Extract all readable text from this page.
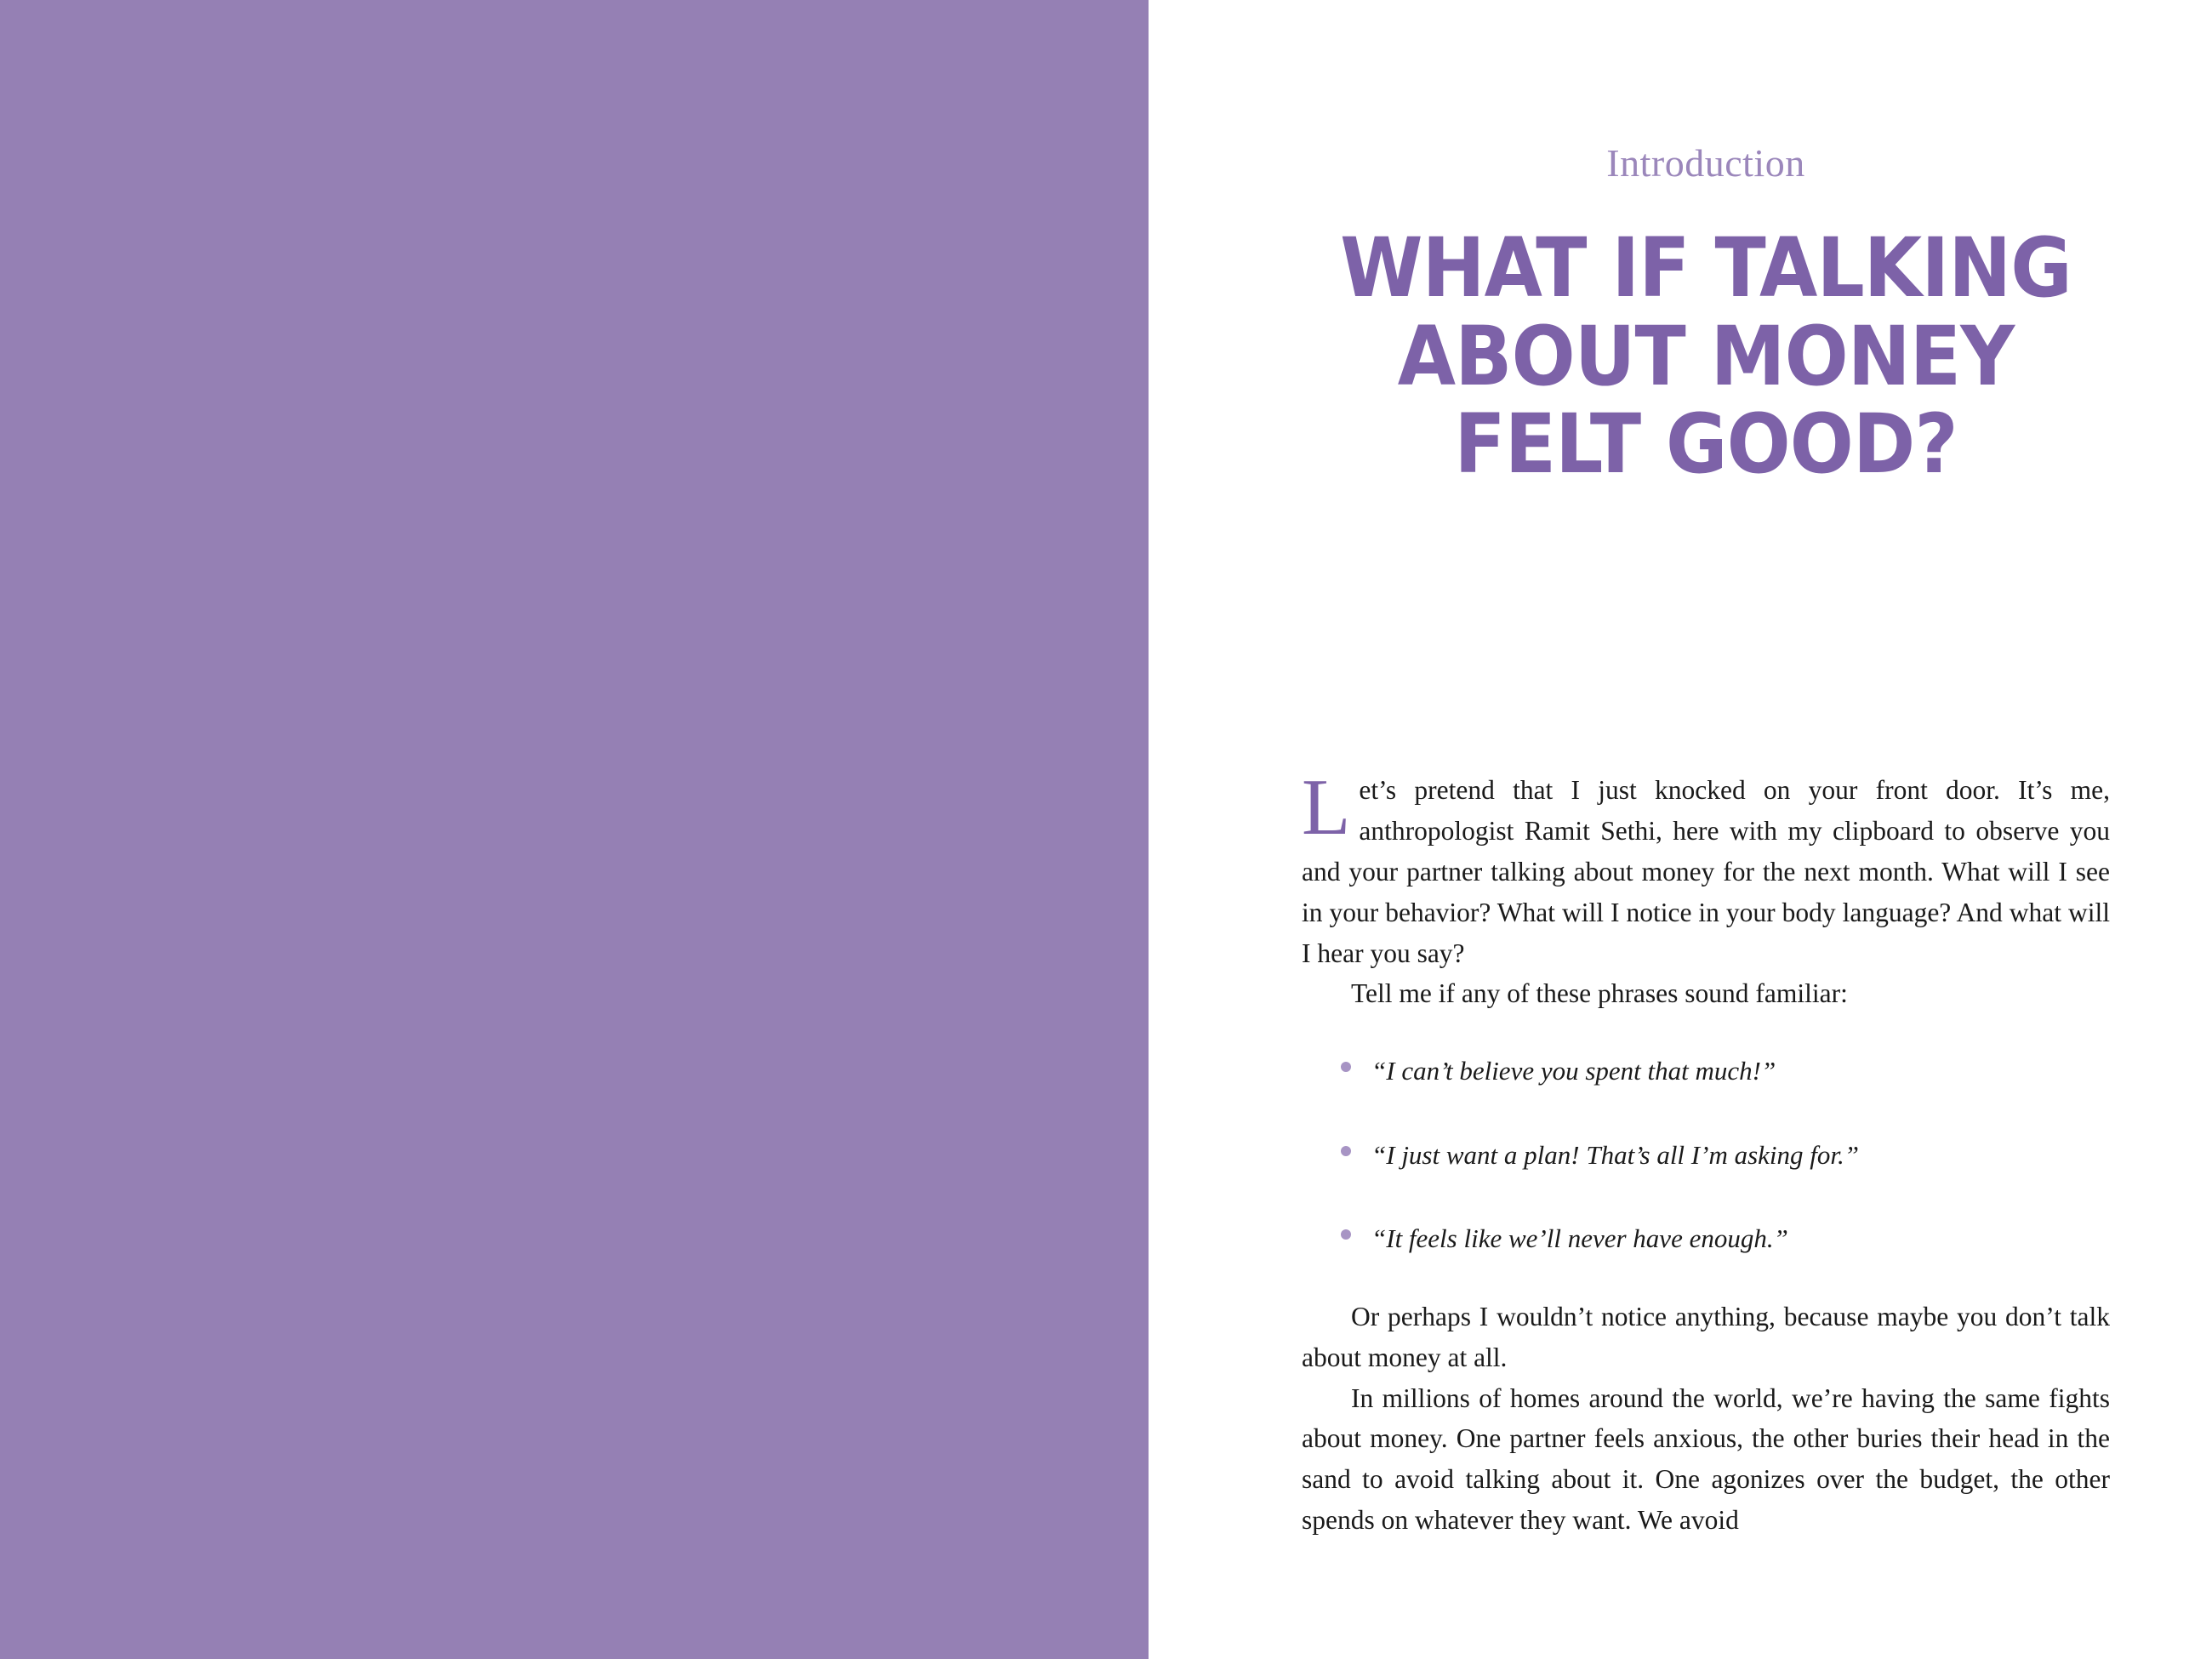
Introduction
WHAT IF TALKING
ABOUT MONEY
FELT GOOD?

Let’s pretend that I just knocked on your front door. It’s me, anthropologist Ramit Sethi, here with my clipboard to observe you and your partner talking about money for the next month. What will I see in your behavior? What will I notice in your body language? And what will I hear you say?

Tell me if any of these phrases sound familiar:

“I can’t believe you spent that much!”
“I just want a plan! That’s all I’m asking for.”
“It feels like we’ll never have enough.”

Or perhaps I wouldn’t notice anything, because maybe you don’t talk about money at all.

In millions of homes around the world, we’re having the same fights about money. One partner feels anxious, the other buries their head in the sand to avoid talking about it. One agonizes over the budget, the other spends on whatever they want. We avoid
